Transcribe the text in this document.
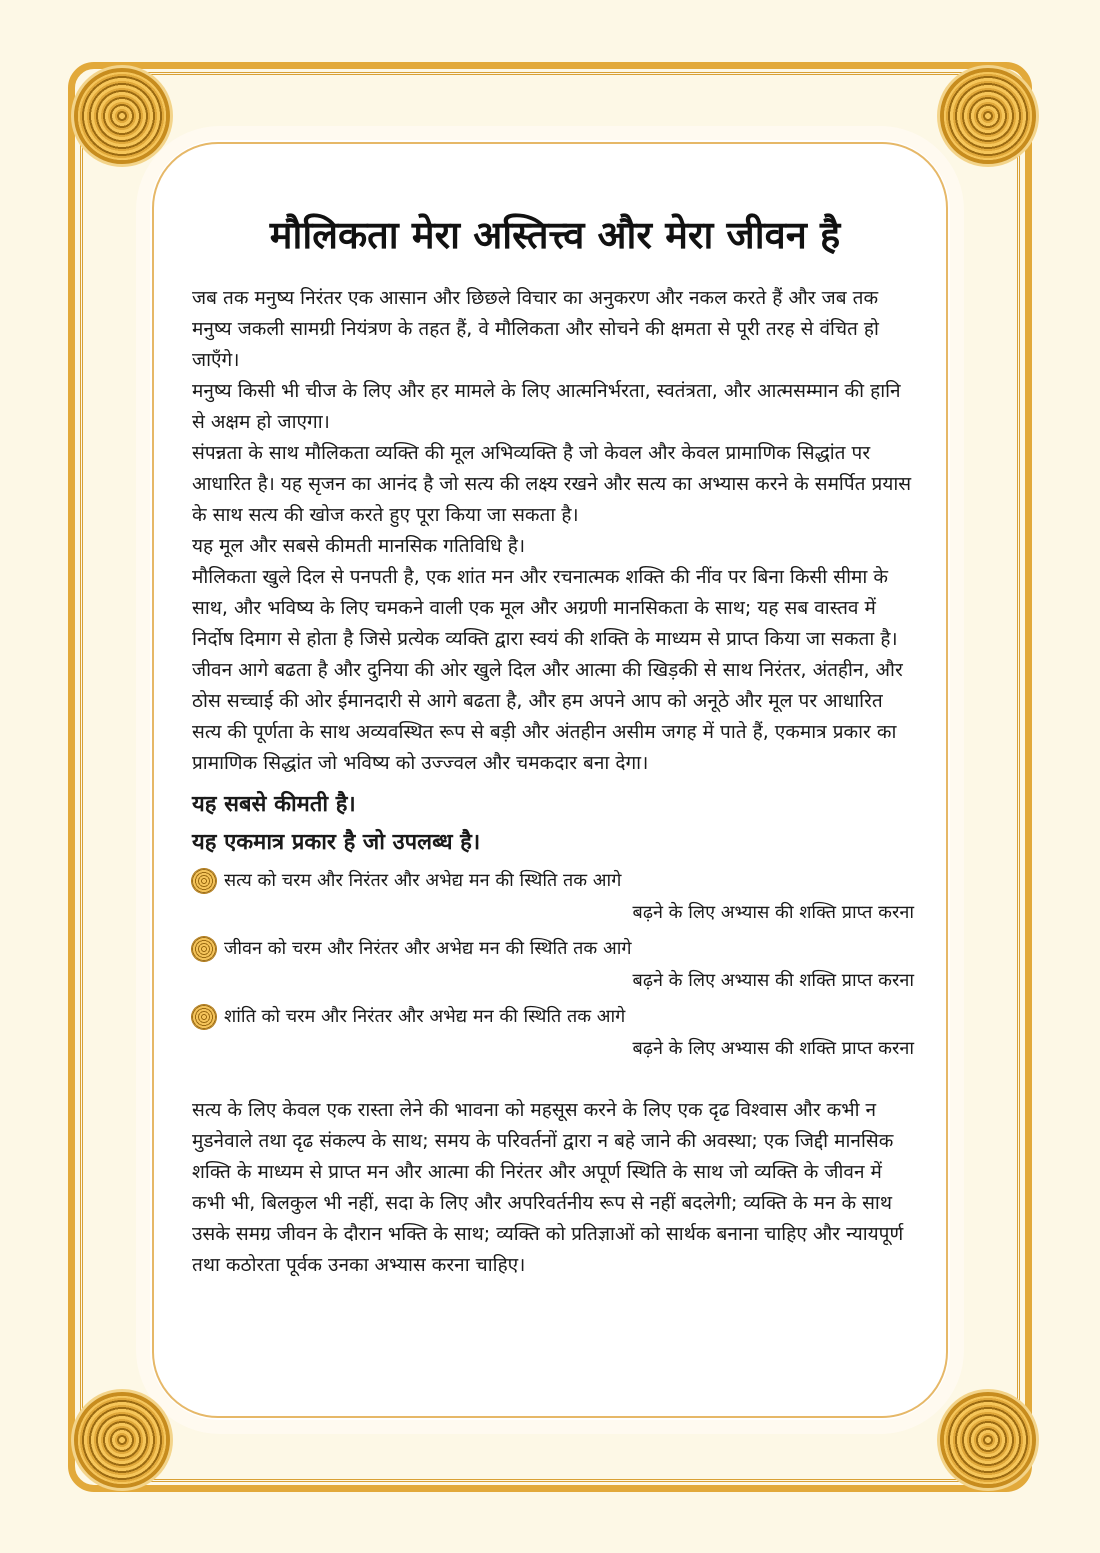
मौलिकता मेरा अस्तित्त्व और मेरा जीवन है

जब तक मनुष्य निरंतर एक आसान और छिछले विचार का अनुकरण और नकल करते हैं और जब तक मनुष्य जकली सामग्री नियंत्रण के तहत हैं, वे मौलिकता और सोचने की क्षमता से पूरी तरह से वंचित हो जाएँगे।

मनुष्य किसी भी चीज के लिए और हर मामले के लिए आत्मनिर्भरता, स्वतंत्रता, और आत्मसम्मान की हानि से अक्षम हो जाएगा।

संपन्नता के साथ मौलिकता व्यक्ति की मूल अभिव्यक्ति है जो केवल और केवल प्रामाणिक सिद्धांत पर आधारित है। यह सृजन का आनंद है जो सत्य की लक्ष्य रखने और सत्य का अभ्यास करने के समर्पित प्रयास के साथ सत्य की खोज करते हुए पूरा किया जा सकता है।

यह मूल और सबसे कीमती मानसिक गतिविधि है।

मौलिकता खुले दिल से पनपती है, एक शांत मन और रचनात्मक शक्ति की नींव पर बिना किसी सीमा के साथ, और भविष्य के लिए चमकने वाली एक मूल और अग्रणी मानसिकता के साथ; यह सब वास्तव में निर्दोष दिमाग से होता है जिसे प्रत्येक व्यक्ति द्वारा स्वयं की शक्ति के माध्यम से प्राप्त किया जा सकता है।

जीवन आगे बढता है और दुनिया की ओर खुले दिल और आत्मा की खिड़की से साथ निरंतर, अंतहीन, और ठोस सच्चाई की ओर ईमानदारी से आगे बढता है, और हम अपने आप को अनूठे और मूल पर आधारित सत्य की पूर्णता के साथ अव्यवस्थित रूप से बड़ी और अंतहीन असीम जगह में पाते हैं, एकमात्र प्रकार का प्रामाणिक सिद्धांत जो भविष्य को उज्ज्वल और चमकदार बना देगा।

यह सबसे कीमती है।
यह एकमात्र प्रकार है जो उपलब्ध है।
सत्य को चरम और निरंतर और अभेद्य मन की स्थिति तक आगे
बढ़ने के लिए अभ्यास की शक्ति प्राप्त करना
जीवन को चरम और निरंतर और अभेद्य मन की स्थिति तक आगे
बढ़ने के लिए अभ्यास की शक्ति प्राप्त करना
शांति को चरम और निरंतर और अभेद्य मन की स्थिति तक आगे
बढ़ने के लिए अभ्यास की शक्ति प्राप्त करना

सत्य के लिए केवल एक रास्ता लेने की भावना को महसूस करने के लिए एक दृढ विश्वास और कभी न मुडनेवाले तथा दृढ संकल्प के साथ; समय के परिवर्तनों द्वारा न बहे जाने की अवस्था; एक जिद्दी मानसिक शक्ति के माध्यम से प्राप्त मन और आत्मा की निरंतर और अपूर्ण स्थिति के साथ जो व्यक्ति के जीवन में कभी भी, बिलकुल भी नहीं, सदा के लिए और अपरिवर्तनीय रूप से नहीं बदलेगी; व्यक्ति के मन के साथ उसके समग्र जीवन के दौरान भक्ति के साथ; व्यक्ति को प्रतिज्ञाओं को सार्थक बनाना चाहिए और न्यायपूर्ण तथा कठोरता पूर्वक उनका अभ्यास करना चाहिए।
